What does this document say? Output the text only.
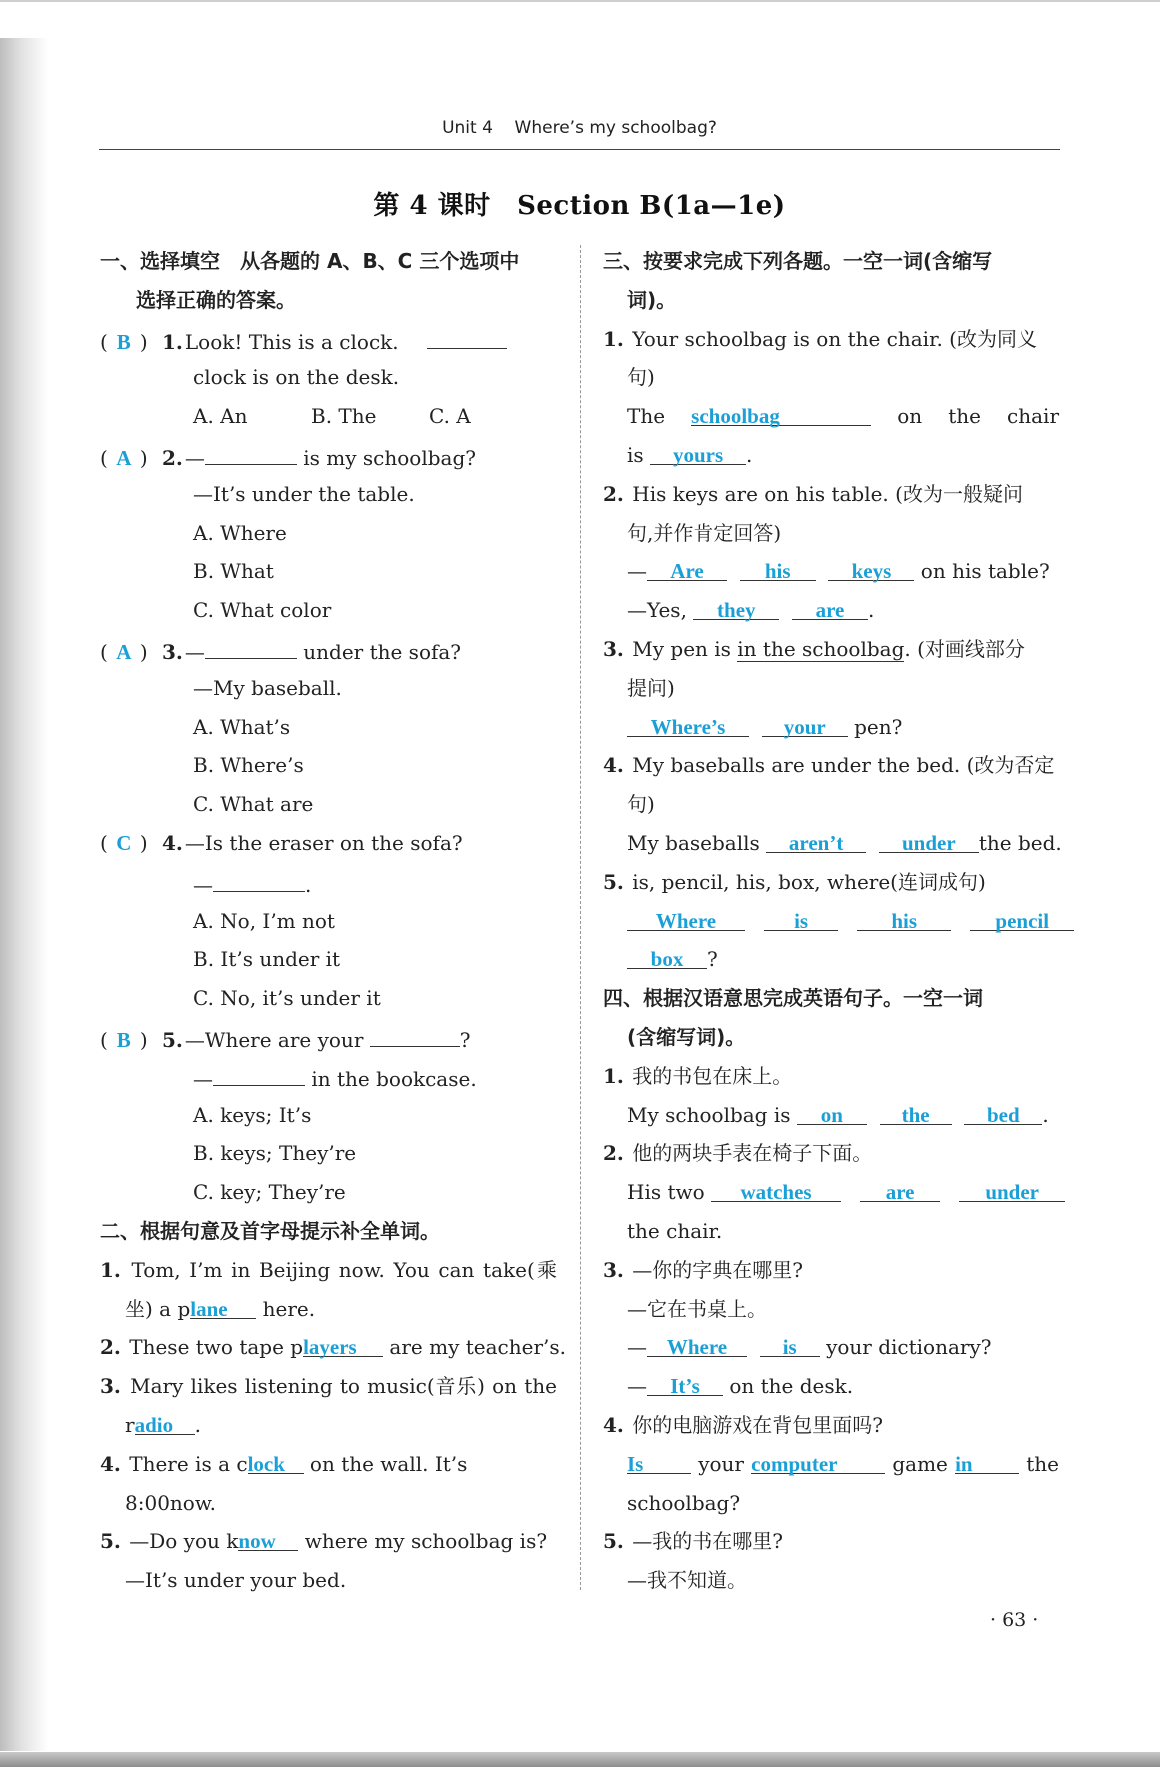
Unit 4 Where’s my schoolbag?
第 4 课时　Section B(1a—1e)
一、选择填空　从各题的 A、B、C 三个选项中
选择正确的答案。
( B ) 1. Look! This is a clock.
clock is on the desk.
A. An	B. The	C. A
( A ) 2. —	is my schoolbag?
—It’s under the table.
A. Where
B. What
C. What color
( A ) 3. —	under the sofa?
—My baseball.
A. What’s
B. Where’s
C. What are
( C ) 4. —Is the eraser on the sofa?
—	.
A. No, I’m not
B. It’s under it
C. No, it’s under it
( B ) 5. —Where are your	?
—	in the bookcase.
A. keys; It’s
B. keys; They’re
C. key; They’re
二、根据句意及首字母提示补全单词。
1. Tom, I’m in Beijing now. You can take(乘
坐) a plane here.
2. These two tape players are my teacher’s.
3. Mary likes listening to music(音乐) on the
radio .
4. There is a clock on the wall. It’s
8:00now.
5. —Do you know where my schoolbag is?
—It’s under your bed.
三、按要求完成下列各题。一空一词(含缩写
词)。
1. Your schoolbag is on the chair. (改为同义
句)
The schoolbag	on the chair
is yours .
2. His keys are on his table. (改为一般疑问
句,并作肯定回答)
— Are	his	keys on his table?
—Yes, they	are .
3. My pen is in the schoolbag. (对画线部分
提问)
Where’s	your pen?
4. My baseballs are under the bed. (改为否定
句)
My baseballs aren’t	under the bed.
5. is, pencil, his, box, where(连词成句)
Where	is	his	pencil
box ?
四、根据汉语意思完成英语句子。一空一词
(含缩写词)。
1. 我的书包在床上。
My schoolbag is on	the	bed .
2. 他的两块手表在椅子下面。
His two watches	are	under
the chair.
3. —你的字典在哪里?
—它在书桌上。
— Where	is your dictionary?
— It’s on the desk.
4. 你的电脑游戏在背包里面吗?
Is	your computer	game in	the
schoolbag?
5. —我的书在哪里?
—我不知道。
· 63 ·
